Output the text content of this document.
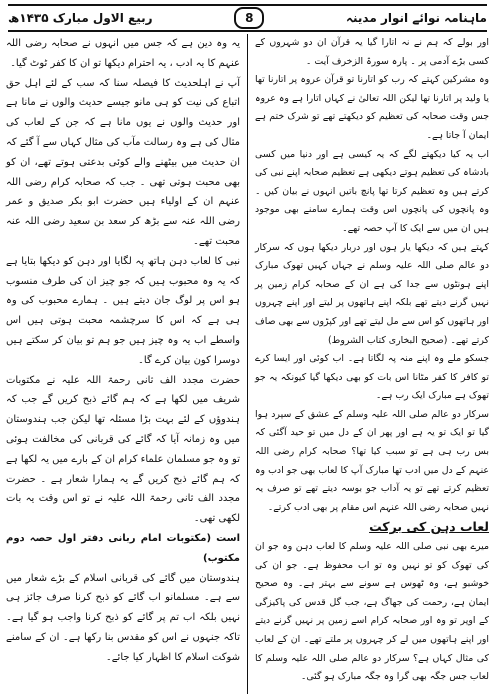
ماہنامہ نوائے انوار مدینہ
8
ربیع الاول مبارک ۱۴۳۵ھ

اور بولے کہ ہم نے نہ اتارا گیا یہ قرآن ان دو شہروں کے کسی بڑے آدمی پر ۔ پارہ سورۃ الزخرف آیت ۔

وہ مشرکین کہتے کہ رب کو اتارنا تو قرآن عروہ پر اتارنا تھا یا ولید پر اتارنا تھا لیکن اللہ تعالیٰ نے کہاں اتارا ہے وہ عروہ جس وقت صحابہ کی تعظیم کو دیکھتے تھے تو شرک ختم ہے ایمان آ جاتا ہے۔

اب یہ کیا دیکھتے لگے کہ یہ کیسی ہے اور دنیا میں کسی بادشاہ کی تعظیم ہوتے دیکھی ہے تعظیم صحابہ اپنے نبی کی کرتے ہیں وہ تعظیم کرتا تھا پانچ باتیں انہوں نے بیان کیں ۔ وہ پانچوں کی پانچوں اس وقت ہمارے سامنے بھی موجود ہیں ان میں سے ایک کا آپ حصہ تھے۔

کہتے ہیں کہ دیکھا یار ہوں اور دربار دیکھا ہوں کہ سرکار دو عالم صلی اللہ علیہ وسلم نے جہاں کہیں تھوک مبارک اپنے ہونٹوں سے جدا کی ہے ان کے صحابہ کرام زمین پر نہیں گرنے دیتے تھے بلکہ اپنے ہاتھوں پر لیتے اور اپنے چہروں اور ہاتھوں کو اس سے مل لیتے تھے اور کپڑوں سے بھی صاف کرتے تھے۔ (صحیح البخاری کتاب الشروط)

جسکو ملے وہ اپنے منہ پہ لگاتا ہے۔ اب کوئی اور ایسا کرے تو کافر کا کفر مٹانا اس بات کو بھی دیکھا گیا کیونکہ یہ جو تھوک ہے مبارک ایک رب ہے۔

سرکار دو عالم صلی اللہ علیہ وسلم کے عشق کے سپرد ہوا گیا تو ایک تو یہ ہے اور پھر ان کے دل میں تو حید آگئی کہ بس رب ہی ہے تو سبب کیا تھا؟ صحابہ کرام رضی اللہ عنہم کے دل میں ادب تھا مبارک آپ کا لعاب بھی جو ادب وہ تعظیم کرتے تھے تو یہ آداب جو بوسہ دیتے تھے تو صرف یہ نہیں صحابہ رضی اللہ عنہم اس مقام پر بھی ادب کرتے۔

لعاب دہن کی برکت

میرے بھی نبی صلی اللہ علیہ وسلم کا لعاب دہن وہ جو ان کی تھوک کو تو نہیں وہ تو اب محفوظ ہے۔ جو ان کی خوشبو ہے، وہ ٹھوس ہے سونے سے بہتر ہے۔ وہ صحیح ایمان ہے، رحمت کی جھاگ ہے، جب گل قدس کی پاکیزگی کے اوپر تو وہ اور صحابہ کرام اسے زمین پر نہیں گرنے دیتے اور اپنے ہاتھوں میں لے کر چہروں پر ملتے تھے۔ ان کے لعاب کی مثال کہاں ہے؟ سرکار دو عالم صلی اللہ علیہ وسلم کا لعاب جس جگہ بھی گرا وہ جگہ مبارک ہو گئی۔

یہ وہ دین ہے کہ جس میں انہوں نے صحابہ رضی اللہ عنہم کا یہ ادب ، یہ احترام دیکھا تو ان کا کفر ٹوٹ گیا۔

آپ نے اہلحدیث کا فیصلہ سنا کہ سب کے لئے اہل حق اتباع کی نیت کو ہی مانو جیسے حدیث والوں نے مانا ہے اور حدیث والوں نے یوں مانا ہے کہ جن کے لعاب کی مثال کی ہے وہ رسالت مآب کی مثال کہاں سے آ گئے کہ ان حدیث میں بیٹھنے والے کوئی بدعتی ہوتے تھے، ان کو بھی محبت ہوتی تھی ۔ جب کہ صحابہ کرام رضی اللہ عنہم ان کے اولیاء ہیں حضرت ابو بکر صدیق و عمر رضی اللہ عنہ سے بڑھ کر سعد بن سعید رضی اللہ عنہ محبت تھے۔

نبی کا لعاب دہن ہاتھ پہ لگایا اور دہن کو دیکھا بتایا ہے کہ یہ وہ محبوب ہیں کہ جو چیز ان کی طرف منسوب ہو اس پر لوگ جان دیتے ہیں ۔ ہمارے محبوب کی وہ ہی ہے کہ اس کا سرچشمہ محبت ہوتی ہیں اس واسطے اب یہ وہ چیز ہیں جو ہم تو بیان کر سکتے ہیں دوسرا کون بیان کرے گا۔

حضرت مجدد الف ثانی رحمۃ اللہ علیہ نے مکتوبات شریف میں لکھا ہے کہ ہم گائے ذبح کریں گے جب کہ ہندوؤں کے لئے بہت بڑا مسئلہ تھا لیکن جب ہندوستان میں وہ زمانہ آیا کہ گائے کی قربانی کی مخالفت ہوئی تو وہ جو مسلمان علماء کرام ان کے بارے میں یہ لکھا ہے کہ ہم گائے ذبح کریں گے یہ ہمارا شعار ہے ۔ حضرت مجدد الف ثانی رحمۃ اللہ علیہ نے تو اس وقت یہ بات لکھی تھی۔

است (مکتوبات امام ربانی دفتر اول حصہ دوم مکتوب)

ہندوستان میں گائے کی قربانی اسلام کے بڑے شعار میں سے ہے۔ مسلمانو اب گائے کو ذبح کرنا صرف جائز ہی نہیں بلکہ اب تم پر گائے کو ذبح کرنا واجب ہو گیا ہے۔ تاکہ جنہوں نے اس کو مقدس بنا رکھا ہے۔ ان کے سامنے شوکت اسلام کا اظہار کیا جائے۔
